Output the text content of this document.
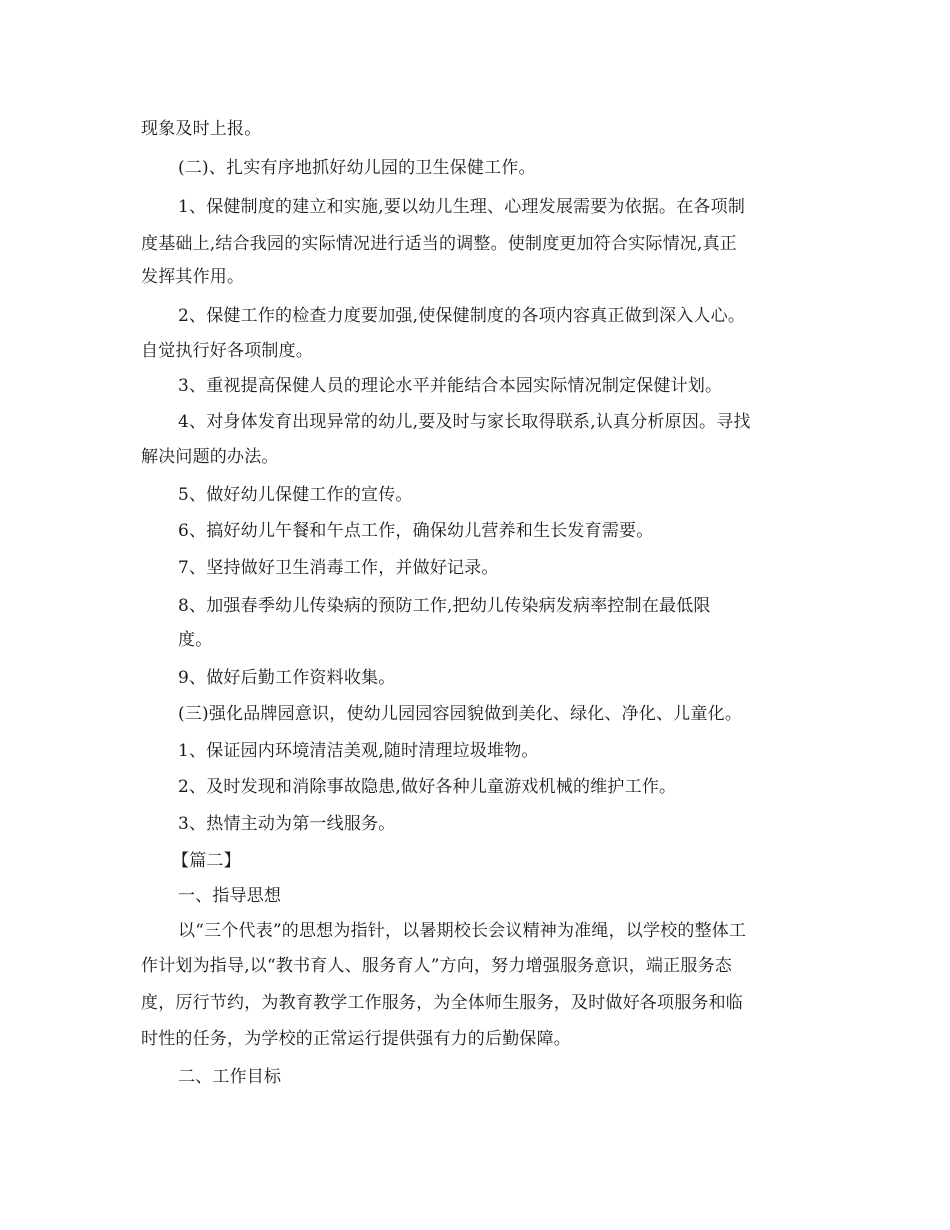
现象及时上报。
(二)、扎实有序地抓好幼儿园的卫生保健工作。
1、保健制度的建立和实施,要以幼儿生理、心理发展需要为依据。在各项制
度基础上,结合我园的实际情况进行适当的调整。使制度更加符合实际情况,真正
发挥其作用。
2、保健工作的检查力度要加强,使保健制度的各项内容真正做到深入人心。
自觉执行好各项制度。
3、重视提高保健人员的理论水平并能结合本园实际情况制定保健计划。
4、对身体发育出现异常的幼儿,要及时与家长取得联系,认真分析原因。寻找
解决问题的办法。
5、做好幼儿保健工作的宣传。
6、搞好幼儿午餐和午点工作，确保幼儿营养和生长发育需要。
7、坚持做好卫生消毒工作，并做好记录。
8、加强春季幼儿传染病的预防工作,把幼儿传染病发病率控制在最低限
度。
9、做好后勤工作资料收集。
(三)强化品牌园意识，使幼儿园园容园貌做到美化、绿化、净化、儿童化。
1、保证园内环境清洁美观,随时清理垃圾堆物。
2、及时发现和消除事故隐患,做好各种儿童游戏机械的维护工作。
3、热情主动为第一线服务。
【篇二】
一、指导思想
以“三个代表”的思想为指针，以暑期校长会议精神为准绳，以学校的整体工
作计划为指导,以“教书育人、服务育人”方向，努力增强服务意识，端正服务态
度，厉行节约，为教育教学工作服务，为全体师生服务，及时做好各项服务和临
时性的任务，为学校的正常运行提供强有力的后勤保障。
二、工作目标
